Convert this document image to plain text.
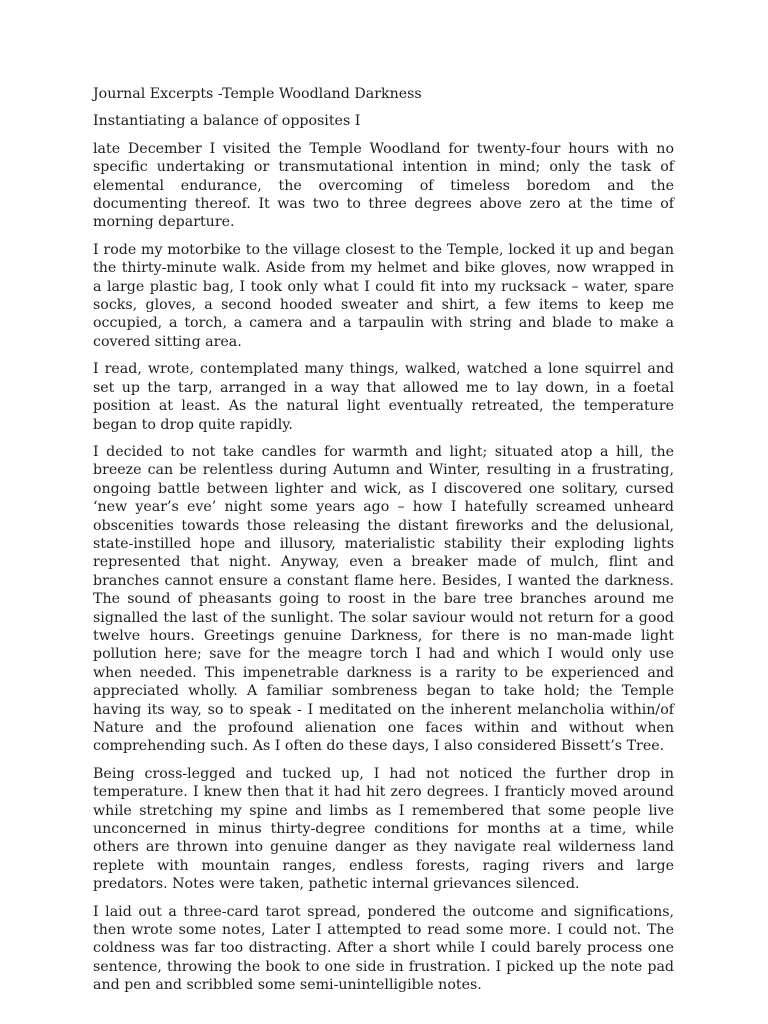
Journal Excerpts -Temple Woodland Darkness
Instantiating a balance of opposites I

late December I visited the Temple Woodland for twenty-four hours with no specific undertaking or transmutational intention in mind; only the task of elemental endurance, the overcoming of timeless boredom and the documenting thereof. It was two to three degrees above zero at the time of morning departure.

I rode my motorbike to the village closest to the Temple, locked it up and began the thirty-minute walk. Aside from my helmet and bike gloves, now wrapped in a large plastic bag, I took only what I could fit into my rucksack – water, spare socks, gloves, a second hooded sweater and shirt, a few items to keep me occupied, a torch, a camera and a tarpaulin with string and blade to make a covered sitting area.

I read, wrote, contemplated many things, walked, watched a lone squirrel and set up the tarp, arranged in a way that allowed me to lay down, in a foetal position at least. As the natural light eventually retreated, the temperature began to drop quite rapidly.

I decided to not take candles for warmth and light; situated atop a hill, the breeze can be relentless during Autumn and Winter, resulting in a frustrating, ongoing battle between lighter and wick, as I discovered one solitary, cursed ‘new year’s eve’ night some years ago – how I hatefully screamed unheard obscenities towards those releasing the distant fireworks and the delusional, state-instilled hope and illusory, materialistic stability their exploding lights represented that night. Anyway, even a breaker made of mulch, flint and branches cannot ensure a constant flame here. Besides, I wanted the darkness. The sound of pheasants going to roost in the bare tree branches around me signalled the last of the sunlight. The solar saviour would not return for a good twelve hours. Greetings genuine Darkness, for there is no man-made light pollution here; save for the meagre torch I had and which I would only use when needed. This impenetrable darkness is a rarity to be experienced and appreciated wholly. A familiar sombreness began to take hold; the Temple having its way, so to speak - I meditated on the inherent melancholia within/of Nature and the profound alienation one faces within and without when comprehending such. As I often do these days, I also considered Bissett’s Tree.

Being cross-legged and tucked up, I had not noticed the further drop in temperature. I knew then that it had hit zero degrees. I franticly moved around while stretching my spine and limbs as I remembered that some people live unconcerned in minus thirty-degree conditions for months at a time, while others are thrown into genuine danger as they navigate real wilderness land replete with mountain ranges, endless forests, raging rivers and large predators. Notes were taken, pathetic internal grievances silenced.

I laid out a three-card tarot spread, pondered the outcome and significations, then wrote some notes, Later I attempted to read some more. I could not. The coldness was far too distracting. After a short while I could barely process one sentence, throwing the book to one side in frustration. I picked up the note pad and pen and scribbled some semi-unintelligible notes.
